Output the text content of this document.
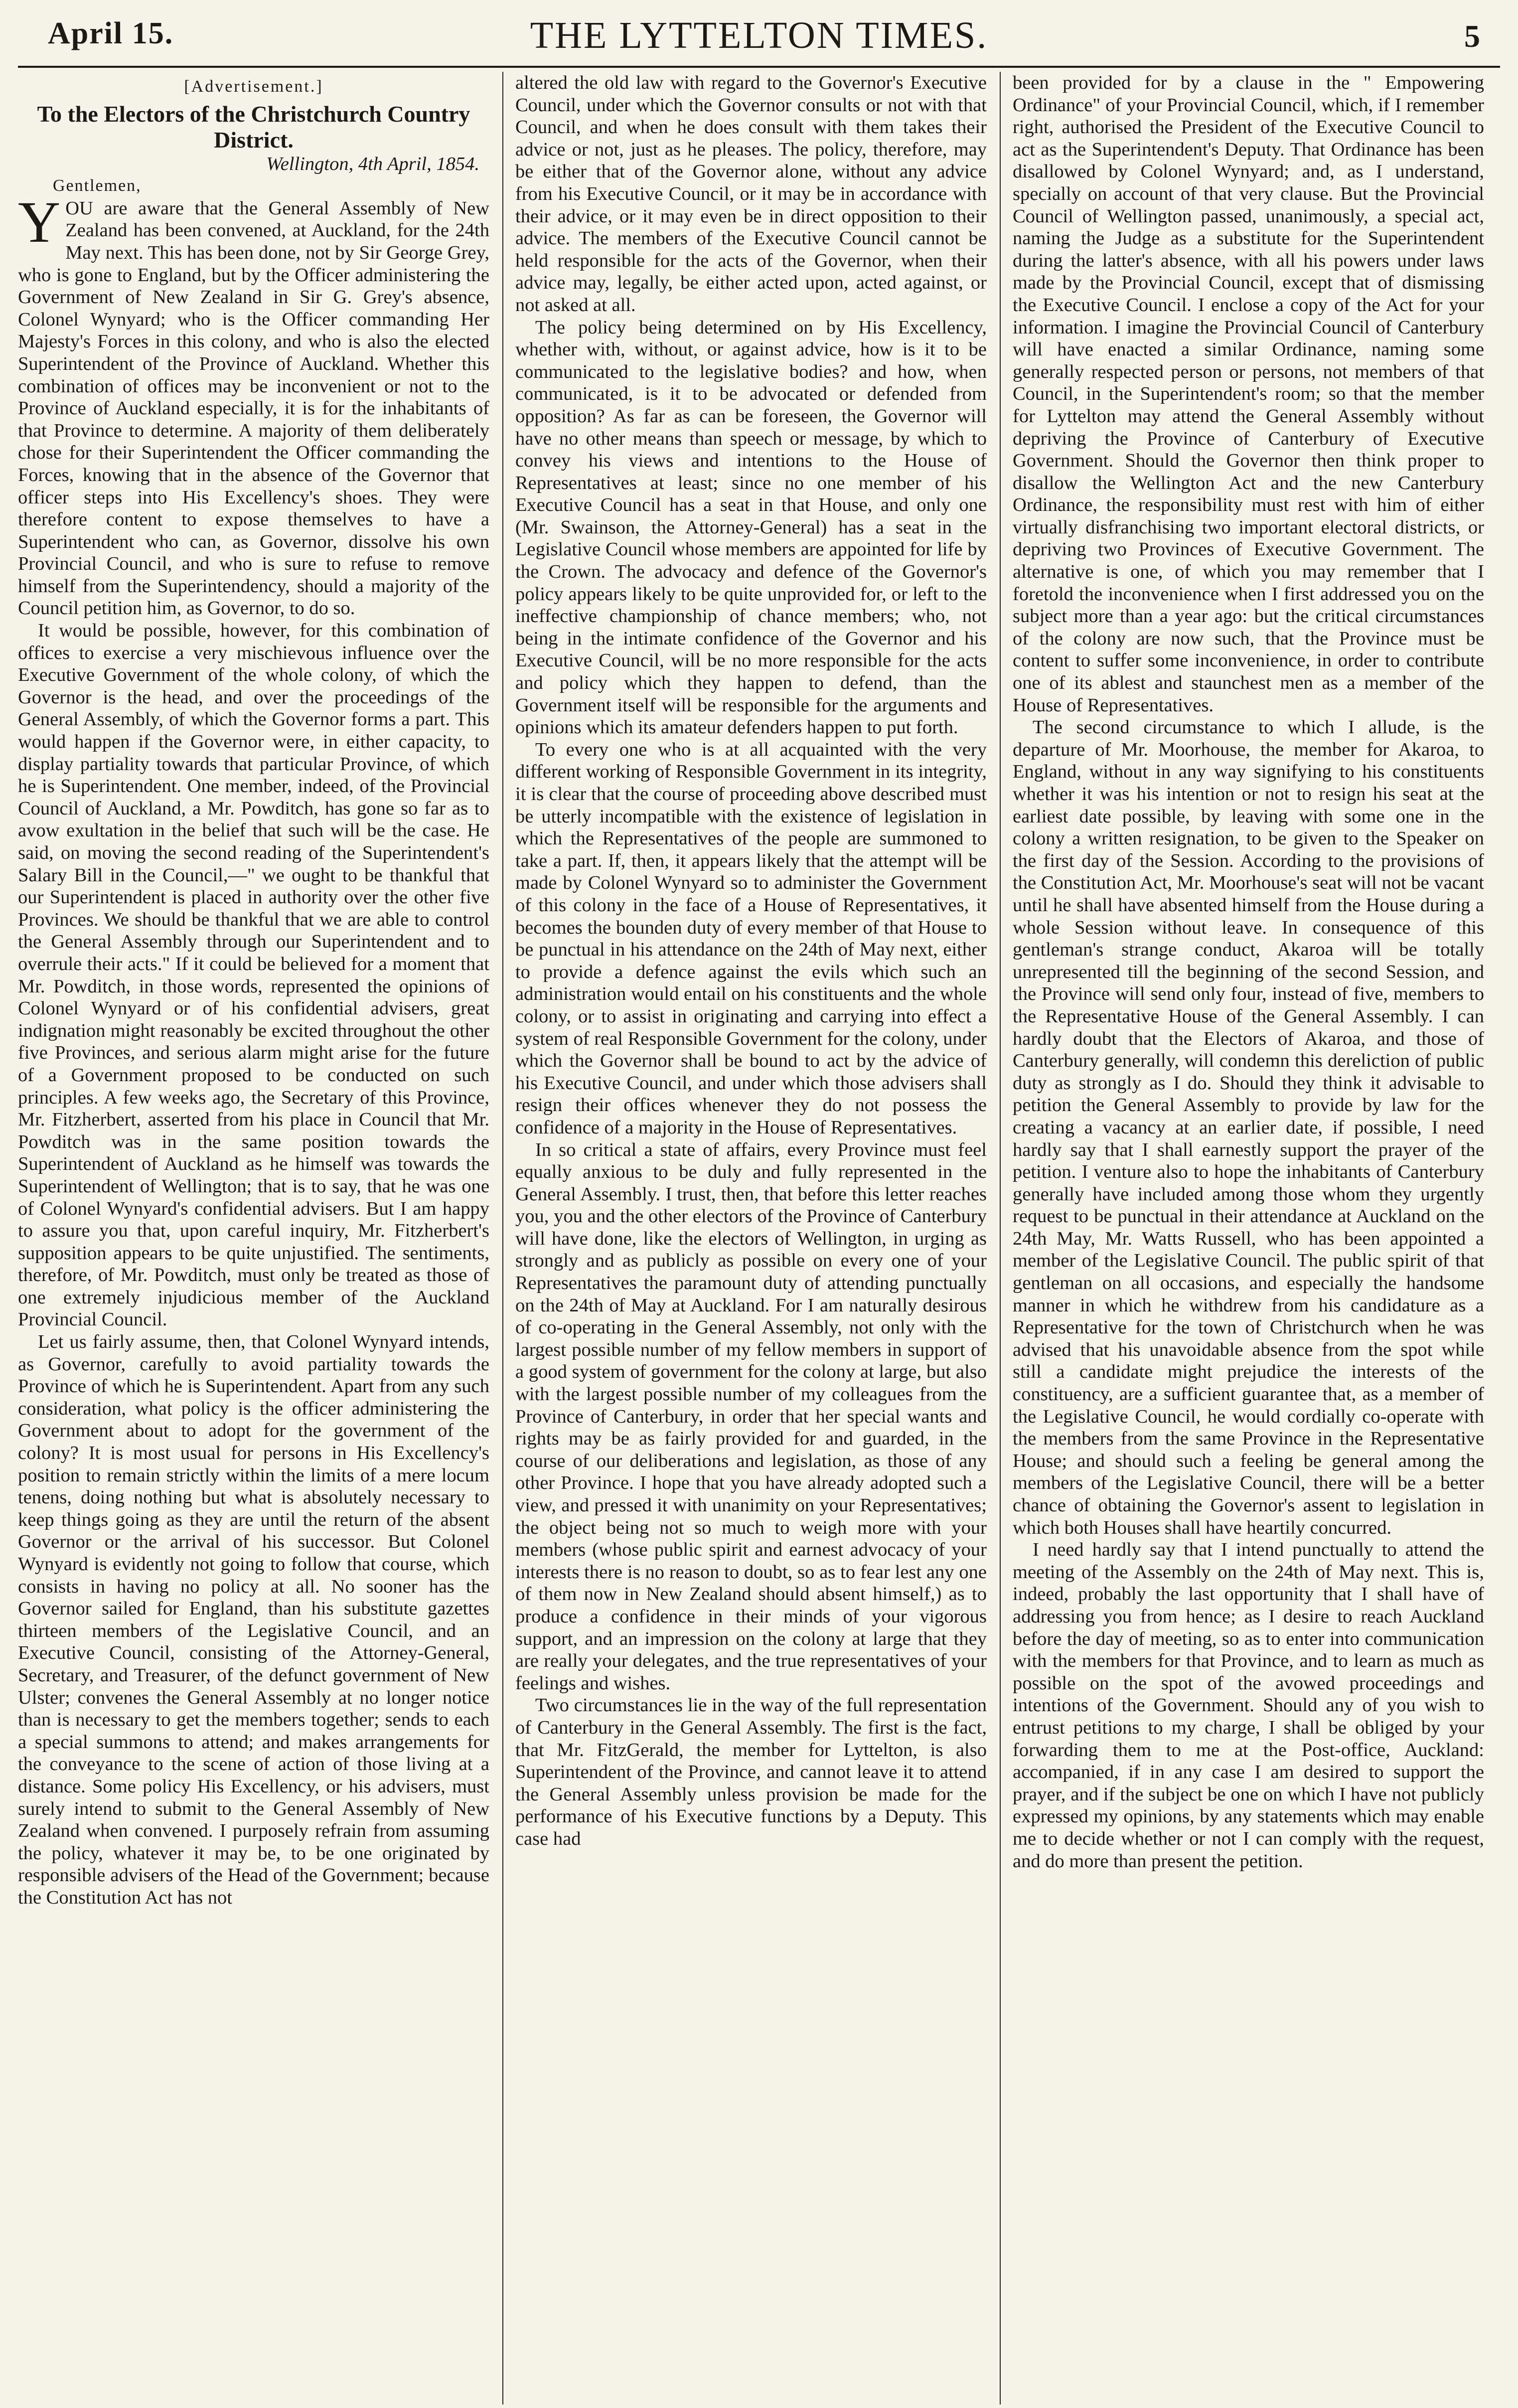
April 15.	THE LYTTELTON TIMES.	5
[Advertisement.]
To the Electors of the Christchurch Country District.
Wellington, 4th April, 1854.
Gentlemen,

YOU are aware that the General Assembly of New Zealand has been convened, at Auckland, for the 24th May next. This has been done, not by Sir George Grey, who is gone to England, but by the Officer administering the Government of New Zealand in Sir G. Grey's absence, Colonel Wynyard; who is the Officer commanding Her Majesty's Forces in this colony, and who is also the elected Superintendent of the Province of Auckland. Whether this combination of offices may be inconvenient or not to the Province of Auckland especially, it is for the inhabitants of that Province to determine. A majority of them deliberately chose for their Superintendent the Officer commanding the Forces, knowing that in the absence of the Governor that officer steps into His Excellency's shoes. They were therefore content to expose themselves to have a Superintendent who can, as Governor, dissolve his own Provincial Council, and who is sure to refuse to remove himself from the Superintendency, should a majority of the Council petition him, as Governor, to do so.

It would be possible, however, for this combination of offices to exercise a very mischievous influence over the Executive Government of the whole colony, of which the Governor is the head, and over the proceedings of the General Assembly, of which the Governor forms a part. This would happen if the Governor were, in either capacity, to display partiality towards that particular Province, of which he is Superintendent. One member, indeed, of the Provincial Council of Auckland, a Mr. Powditch, has gone so far as to avow exultation in the belief that such will be the case. He said, on moving the second reading of the Superintendent's Salary Bill in the Council,—" we ought to be thankful that our Superintendent is placed in authority over the other five Provinces. We should be thankful that we are able to control the General Assembly through our Superintendent and to overrule their acts." If it could be believed for a moment that Mr. Powditch, in those words, represented the opinions of Colonel Wynyard or of his confidential advisers, great indignation might reasonably be excited throughout the other five Provinces, and serious alarm might arise for the future of a Government proposed to be conducted on such principles. A few weeks ago, the Secretary of this Province, Mr. Fitzherbert, asserted from his place in Council that Mr. Powditch was in the same position towards the Superintendent of Auckland as he himself was towards the Superintendent of Wellington; that is to say, that he was one of Colonel Wynyard's confidential advisers. But I am happy to assure you that, upon careful inquiry, Mr. Fitzherbert's supposition appears to be quite unjustified. The sentiments, therefore, of Mr. Powditch, must only be treated as those of one extremely injudicious member of the Auckland Provincial Council.

Let us fairly assume, then, that Colonel Wynyard intends, as Governor, carefully to avoid partiality towards the Province of which he is Superintendent. Apart from any such consideration, what policy is the officer administering the Government about to adopt for the government of the colony? It is most usual for persons in His Excellency's position to remain strictly within the limits of a mere locum tenens, doing nothing but what is absolutely necessary to keep things going as they are until the return of the absent Governor or the arrival of his successor. But Colonel Wynyard is evidently not going to follow that course, which consists in having no policy at all. No sooner has the Governor sailed for England, than his substitute gazettes thirteen members of the Legislative Council, and an Executive Council, consisting of the Attorney-General, Secretary, and Treasurer, of the defunct government of New Ulster; convenes the General Assembly at no longer notice than is necessary to get the members together; sends to each a special summons to attend; and makes arrangements for the conveyance to the scene of action of those living at a distance. Some policy His Excellency, or his advisers, must surely intend to submit to the General Assembly of New Zealand when convened. I purposely refrain from assuming the policy, whatever it may be, to be one originated by responsible advisers of the Head of the Government; because the Constitution Act has not

altered the old law with regard to the Governor's Executive Council, under which the Governor consults or not with that Council, and when he does consult with them takes their advice or not, just as he pleases. The policy, therefore, may be either that of the Governor alone, without any advice from his Executive Council, or it may be in accordance with their advice, or it may even be in direct opposition to their advice. The members of the Executive Council cannot be held responsible for the acts of the Governor, when their advice may, legally, be either acted upon, acted against, or not asked at all.

The policy being determined on by His Excellency, whether with, without, or against advice, how is it to be communicated to the legislative bodies? and how, when communicated, is it to be advocated or defended from opposition? As far as can be foreseen, the Governor will have no other means than speech or message, by which to convey his views and intentions to the House of Representatives at least; since no one member of his Executive Council has a seat in that House, and only one (Mr. Swainson, the Attorney-General) has a seat in the Legislative Council whose members are appointed for life by the Crown. The advocacy and defence of the Governor's policy appears likely to be quite unprovided for, or left to the ineffective championship of chance members; who, not being in the intimate confidence of the Governor and his Executive Council, will be no more responsible for the acts and policy which they happen to defend, than the Government itself will be responsible for the arguments and opinions which its amateur defenders happen to put forth.

To every one who is at all acquainted with the very different working of Responsible Government in its integrity, it is clear that the course of proceeding above described must be utterly incompatible with the existence of legislation in which the Representatives of the people are summoned to take a part. If, then, it appears likely that the attempt will be made by Colonel Wynyard so to administer the Government of this colony in the face of a House of Representatives, it becomes the bounden duty of every member of that House to be punctual in his attendance on the 24th of May next, either to provide a defence against the evils which such an administration would entail on his constituents and the whole colony, or to assist in originating and carrying into effect a system of real Responsible Government for the colony, under which the Governor shall be bound to act by the advice of his Executive Council, and under which those advisers shall resign their offices whenever they do not possess the confidence of a majority in the House of Representatives.

In so critical a state of affairs, every Province must feel equally anxious to be duly and fully represented in the General Assembly. I trust, then, that before this letter reaches you, you and the other electors of the Province of Canterbury will have done, like the electors of Wellington, in urging as strongly and as publicly as possible on every one of your Representatives the paramount duty of attending punctually on the 24th of May at Auckland. For I am naturally desirous of co-operating in the General Assembly, not only with the largest possible number of my fellow members in support of a good system of government for the colony at large, but also with the largest possible number of my colleagues from the Province of Canterbury, in order that her special wants and rights may be as fairly provided for and guarded, in the course of our deliberations and legislation, as those of any other Province. I hope that you have already adopted such a view, and pressed it with unanimity on your Representatives; the object being not so much to weigh more with your members (whose public spirit and earnest advocacy of your interests there is no reason to doubt, so as to fear lest any one of them now in New Zealand should absent himself,) as to produce a confidence in their minds of your vigorous support, and an impression on the colony at large that they are really your delegates, and the true representatives of your feelings and wishes.

Two circumstances lie in the way of the full representation of Canterbury in the General Assembly. The first is the fact, that Mr. FitzGerald, the member for Lyttelton, is also Superintendent of the Province, and cannot leave it to attend the General Assembly unless provision be made for the performance of his Executive functions by a Deputy. This case had

been provided for by a clause in the " Empowering Ordinance" of your Provincial Council, which, if I remember right, authorised the President of the Executive Council to act as the Superintendent's Deputy. That Ordinance has been disallowed by Colonel Wynyard; and, as I understand, specially on account of that very clause. But the Provincial Council of Wellington passed, unanimously, a special act, naming the Judge as a substitute for the Superintendent during the latter's absence, with all his powers under laws made by the Provincial Council, except that of dismissing the Executive Council. I enclose a copy of the Act for your information. I imagine the Provincial Council of Canterbury will have enacted a similar Ordinance, naming some generally respected person or persons, not members of that Council, in the Superintendent's room; so that the member for Lyttelton may attend the General Assembly without depriving the Province of Canterbury of Executive Government. Should the Governor then think proper to disallow the Wellington Act and the new Canterbury Ordinance, the responsibility must rest with him of either virtually disfranchising two important electoral districts, or depriving two Provinces of Executive Government. The alternative is one, of which you may remember that I foretold the inconvenience when I first addressed you on the subject more than a year ago: but the critical circumstances of the colony are now such, that the Province must be content to suffer some inconvenience, in order to contribute one of its ablest and staunchest men as a member of the House of Representatives.

The second circumstance to which I allude, is the departure of Mr. Moorhouse, the member for Akaroa, to England, without in any way signifying to his constituents whether it was his intention or not to resign his seat at the earliest date possible, by leaving with some one in the colony a written resignation, to be given to the Speaker on the first day of the Session. According to the provisions of the Constitution Act, Mr. Moorhouse's seat will not be vacant until he shall have absented himself from the House during a whole Session without leave. In consequence of this gentleman's strange conduct, Akaroa will be totally unrepresented till the beginning of the second Session, and the Province will send only four, instead of five, members to the Representative House of the General Assembly. I can hardly doubt that the Electors of Akaroa, and those of Canterbury generally, will condemn this dereliction of public duty as strongly as I do. Should they think it advisable to petition the General Assembly to provide by law for the creating a vacancy at an earlier date, if possible, I need hardly say that I shall earnestly support the prayer of the petition. I venture also to hope the inhabitants of Canterbury generally have included among those whom they urgently request to be punctual in their attendance at Auckland on the 24th May, Mr. Watts Russell, who has been appointed a member of the Legislative Council. The public spirit of that gentleman on all occasions, and especially the handsome manner in which he withdrew from his candidature as a Representative for the town of Christchurch when he was advised that his unavoidable absence from the spot while still a candidate might prejudice the interests of the constituency, are a sufficient guarantee that, as a member of the Legislative Council, he would cordially co-operate with the members from the same Province in the Representative House; and should such a feeling be general among the members of the Legislative Council, there will be a better chance of obtaining the Governor's assent to legislation in which both Houses shall have heartily concurred.

I need hardly say that I intend punctually to attend the meeting of the Assembly on the 24th of May next. This is, indeed, probably the last opportunity that I shall have of addressing you from hence; as I desire to reach Auckland before the day of meeting, so as to enter into communication with the members for that Province, and to learn as much as possible on the spot of the avowed proceedings and intentions of the Government. Should any of you wish to entrust petitions to my charge, I shall be obliged by your forwarding them to me at the Post-office, Auckland: accompanied, if in any case I am desired to support the prayer, and if the subject be one on which I have not publicly expressed my opinions, by any statements which may enable me to decide whether or not I can comply with the request, and do more than present the petition.
